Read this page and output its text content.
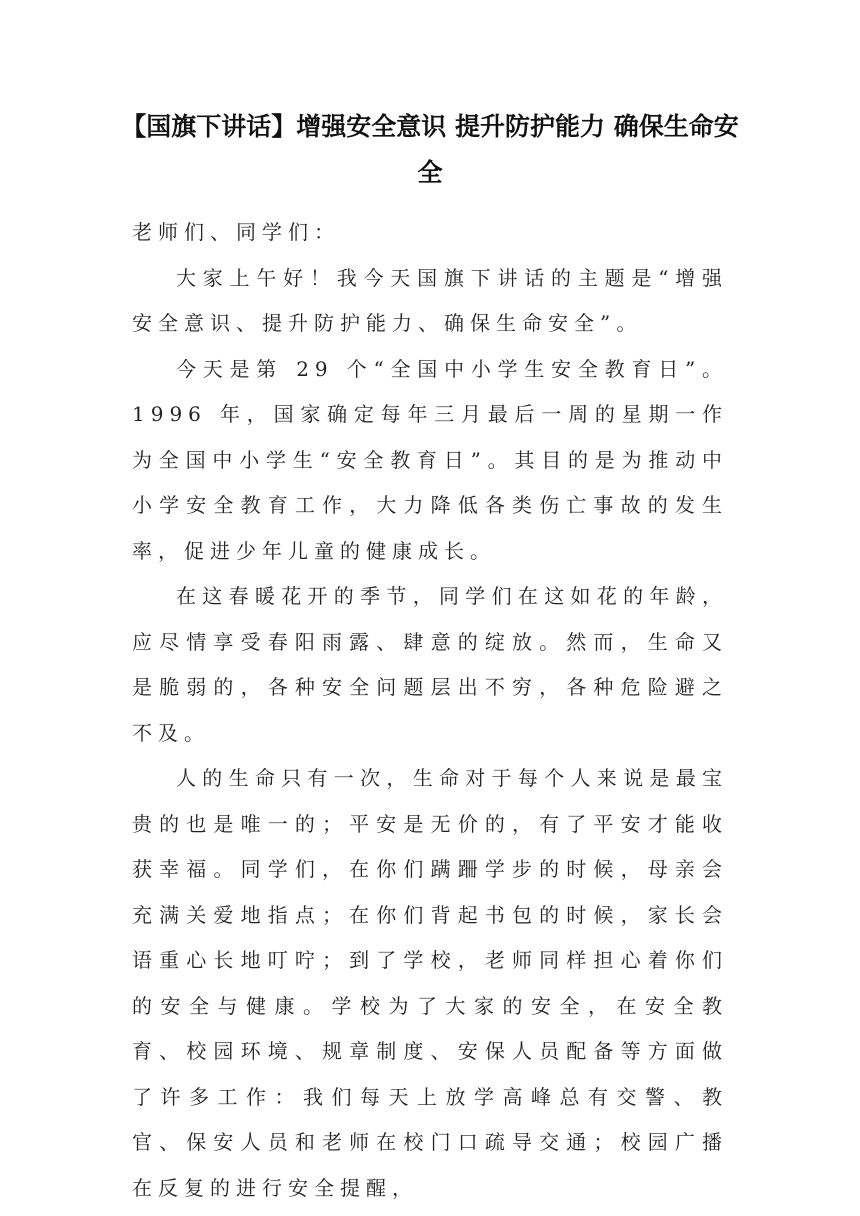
【国旗下讲话】增强安全意识 提升防护能力 确保生命安全

老师们、同学们：

大家上午好！我今天国旗下讲话的主题是“增强安全意识、提升防护能力、确保生命安全”。

今天是第 29 个“全国中小学生安全教育日”。1996 年，国家确定每年三月最后一周的星期一作为全国中小学生“安全教育日”。其目的是为推动中小学安全教育工作，大力降低各类伤亡事故的发生率，促进少年儿童的健康成长。

在这春暖花开的季节，同学们在这如花的年龄，应尽情享受春阳雨露、肆意的绽放。然而，生命又是脆弱的，各种安全问题层出不穷，各种危险避之不及。

人的生命只有一次，生命对于每个人来说是最宝贵的也是唯一的；平安是无价的，有了平安才能收获幸福。同学们，在你们蹒跚学步的时候，母亲会充满关爱地指点；在你们背起书包的时候，家长会语重心长地叮咛；到了学校，老师同样担心着你们的安全与健康。学校为了大家的安全，在安全教育、校园环境、规章制度、安保人员配备等方面做了许多工作：我们每天上放学高峰总有交警、教官、保安人员和老师在校门口疏导交通；校园广播在反复的进行安全提醒，
